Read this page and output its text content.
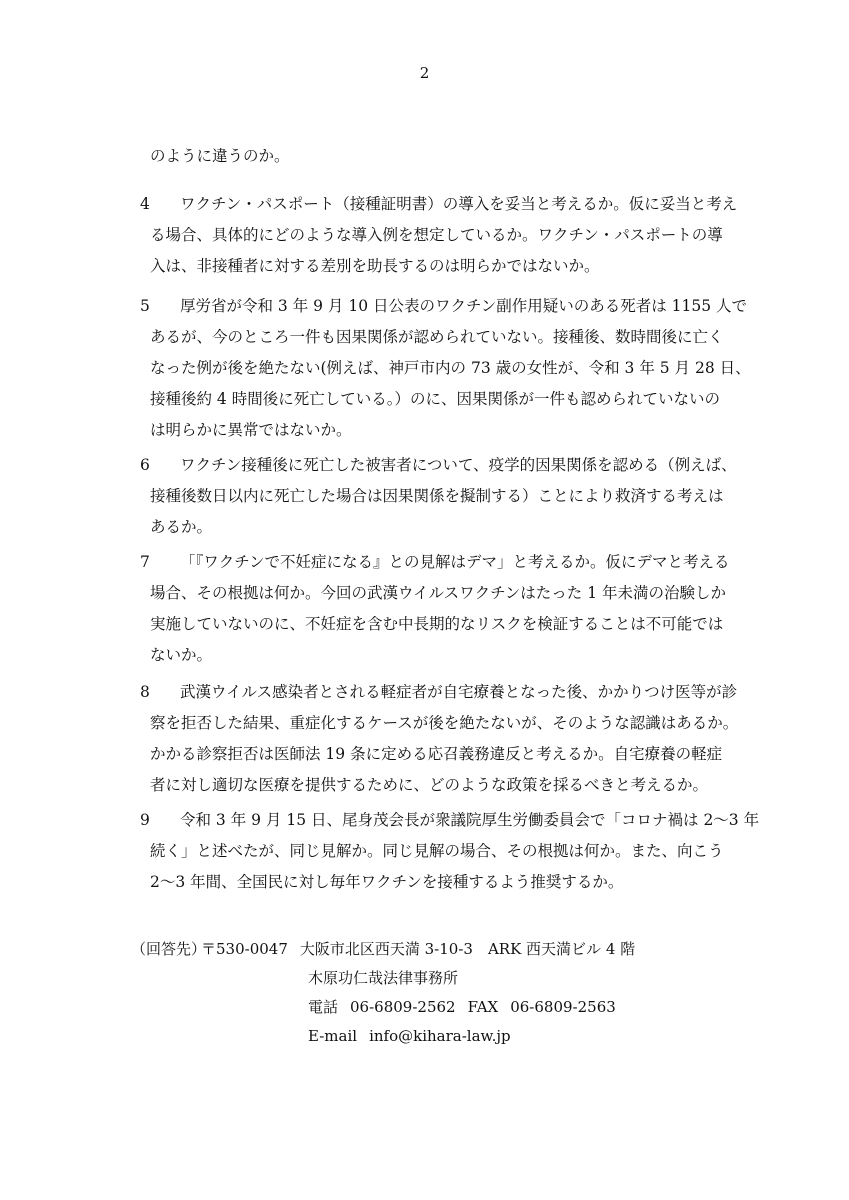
2
のように違うのか。
4	ワクチン・パスポート（接種証明書）の導入を妥当と考えるか。仮に妥当と考え
る場合、具体的にどのような導入例を想定しているか。ワクチン・パスポートの導
入は、非接種者に対する差別を助長するのは明らかではないか。
5	厚労省が令和 3 年 9 月 10 日公表のワクチン副作用疑いのある死者は 1155 人で
あるが、今のところ一件も因果関係が認められていない。接種後、数時間後に亡く
なった例が後を絶たない(例えば、神戸市内の 73 歳の女性が、令和 3 年 5 月 28 日、
接種後約 4 時間後に死亡している。）のに、因果関係が一件も認められていないの
は明らかに異常ではないか。
6	ワクチン接種後に死亡した被害者について、疫学的因果関係を認める（例えば、
接種後数日以内に死亡した場合は因果関係を擬制する）ことにより救済する考えは
あるか。
7	「『ワクチンで不妊症になる』との見解はデマ」と考えるか。仮にデマと考える
場合、その根拠は何か。今回の武漢ウイルスワクチンはたった 1 年未満の治験しか
実施していないのに、不妊症を含む中長期的なリスクを検証することは不可能では
ないか。
8	武漢ウイルス感染者とされる軽症者が自宅療養となった後、かかりつけ医等が診
察を拒否した結果、重症化するケースが後を絶たないが、そのような認識はあるか。
かかる診察拒否は医師法 19 条に定める応召義務違反と考えるか。自宅療養の軽症
者に対し適切な医療を提供するために、どのような政策を採るべきと考えるか。
9	令和 3 年 9 月 15 日、尾身茂会長が衆議院厚生労働委員会で「コロナ禍は 2～3 年
続く」と述べたが、同じ見解か。同じ見解の場合、その根拠は何か。また、向こう
2～3 年間、全国民に対し毎年ワクチンを接種するよう推奨するか。
（回答先）
〒530-0047 大阪市北区西天満 3-10-3　ARK 西天満ビル 4 階
木原功仁哉法律事務所
電話 06-6809-2562 FAX 06-6809-2563
E-mail info@kihara-law.jp
